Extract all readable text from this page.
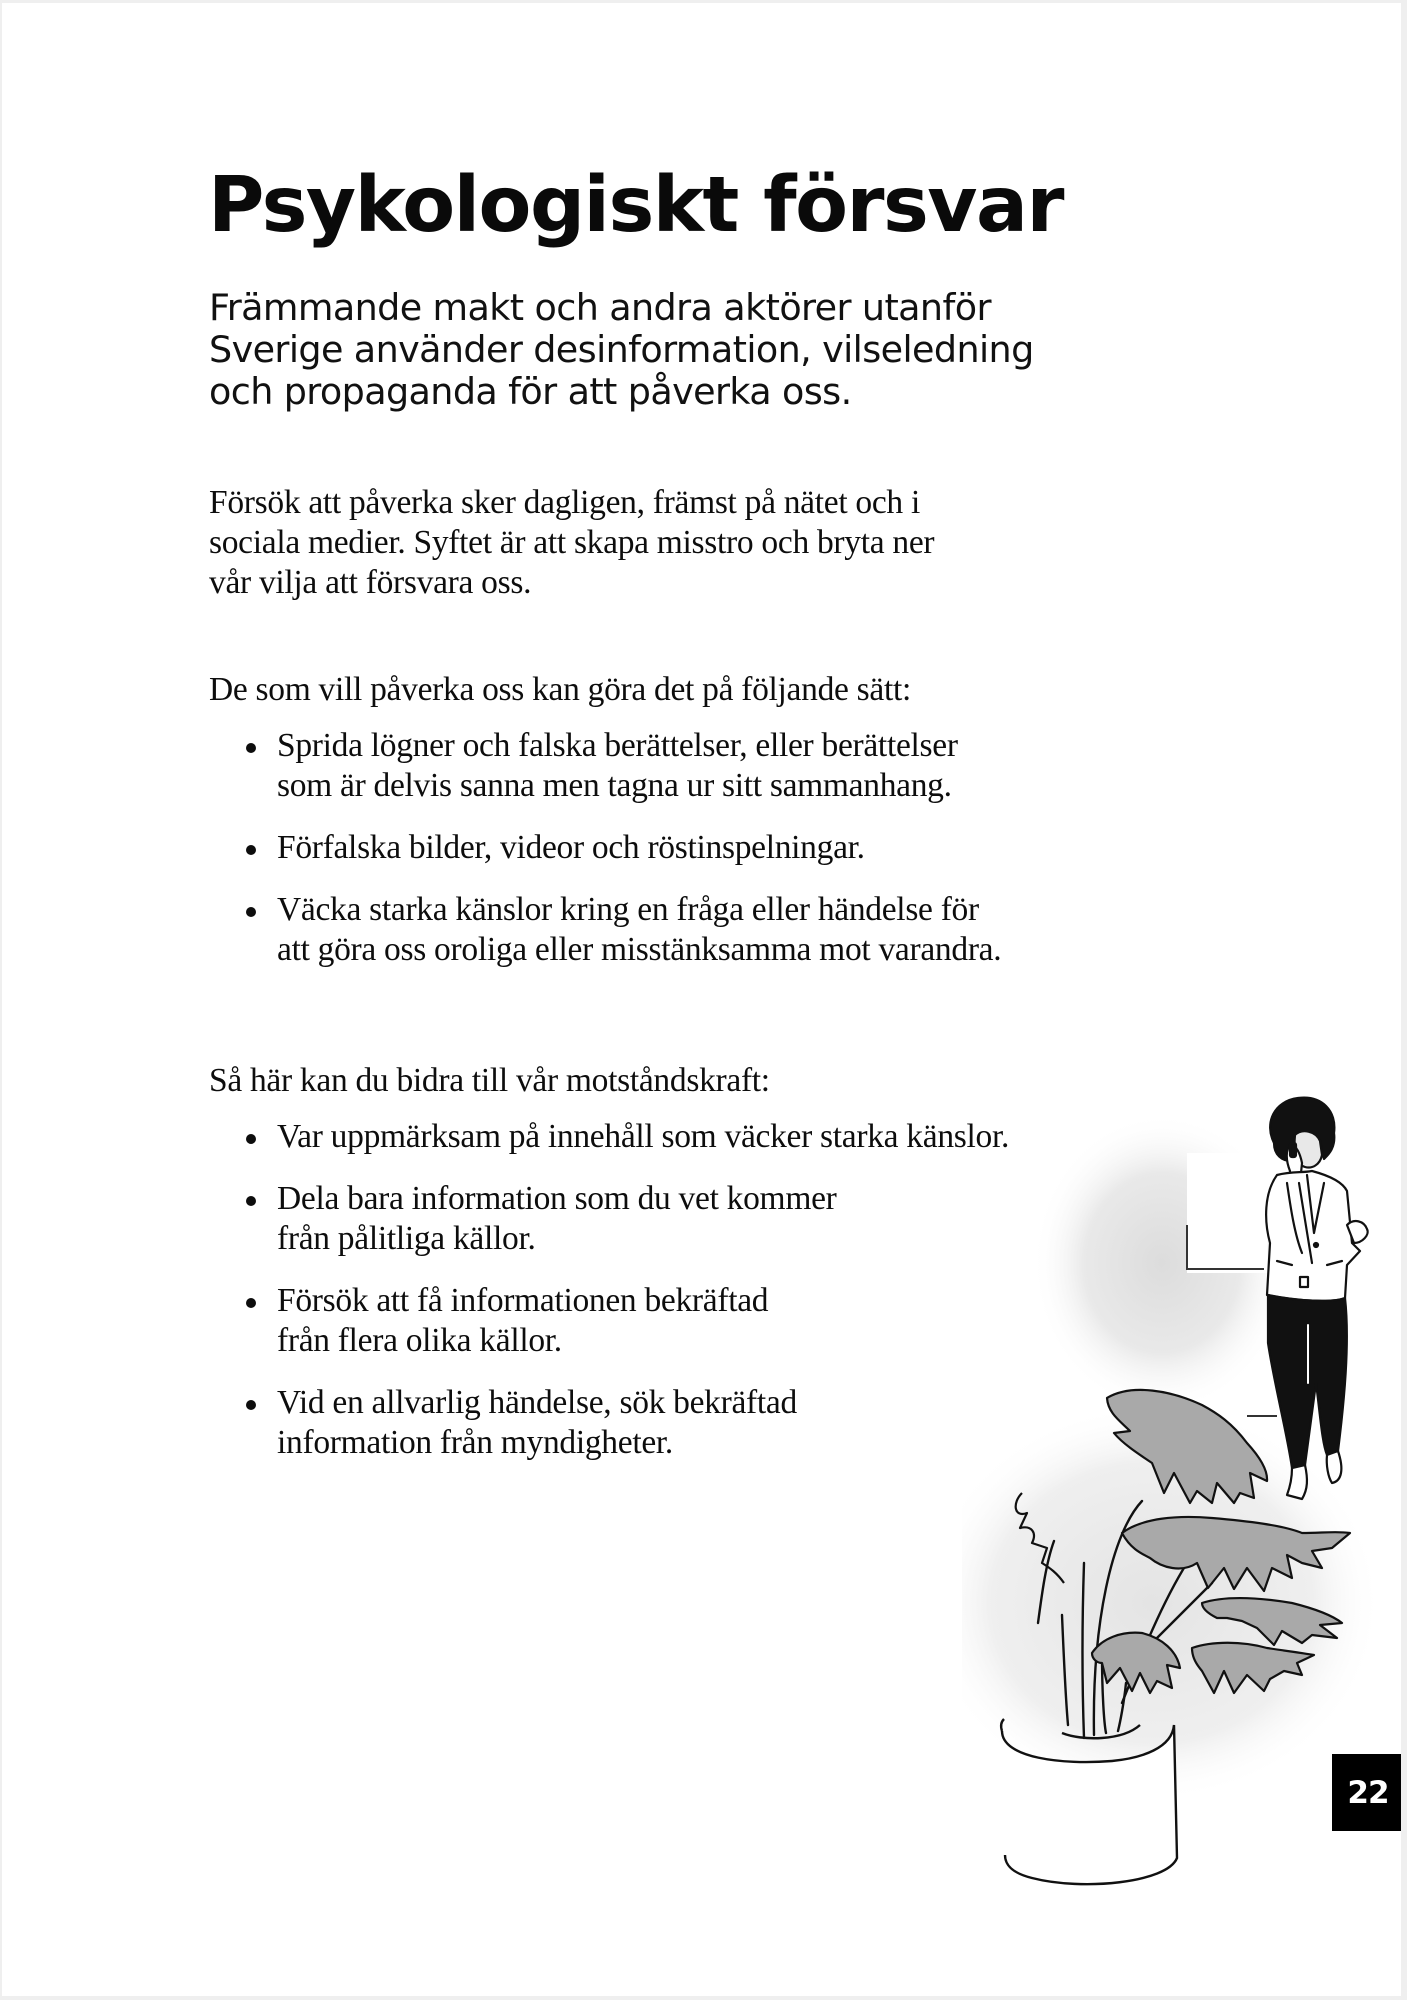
Psykologiskt försvar

Främmande makt och andra aktörer utanför
Sverige använder desinformation, vilseledning
och propaganda för att påverka oss.

Försök att påverka sker dagligen, främst på nätet och i
sociala medier. Syftet är att skapa misstro och bryta ner
vår vilja att försvara oss.

De som vill påverka oss kan göra det på följande sätt:

Sprida lögner och falska berättelser, eller berättelser
som är delvis sanna men tagna ur sitt sammanhang.
Förfalska bilder, videor och röstinspelningar.
Väcka starka känslor kring en fråga eller händelse för
att göra oss oroliga eller misstänksamma mot varandra.

Så här kan du bidra till vår motståndskraft:

Var uppmärksam på innehåll som väcker starka känslor.
Dela bara information som du vet kommer
från pålitliga källor.
Försök att få informationen bekräftad
från flera olika källor.
Vid en allvarlig händelse, sök bekräftad
information från myndigheter.
22
